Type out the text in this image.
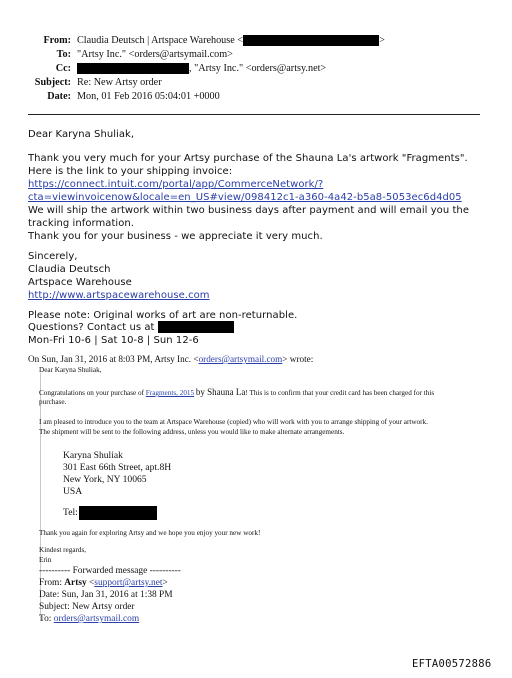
From: Claudia Deutsch | Artspace Warehouse <	>
To: "Artsy Inc." <orders@artsymail.com>
Cc:	, "Artsy Inc." <orders@artsy.net>
Subject: Re: New Artsy order
Date: Mon, 01 Feb 2016 05:04:01 +0000
Dear Karyna Shuliak,
Thank you very much for your Artsy purchase of the Shauna La's artwork "Fragments".
Here is the link to your shipping invoice:
https://connect.intuit.com/portal/app/CommerceNetwork/?
cta=viewinvoicenow&locale=en_US#view/098412c1-a360-4a42-b5a8-5053ec6d4d05
We will ship the artwork within two business days after payment and will email you the
tracking information.
Thank you for your business - we appreciate it very much.
Sincerely,
Claudia Deutsch
Artspace Warehouse
http://www.artspacewarehouse.com
Please note: Original works of art are non-returnable.
Questions? Contact us at
Mon-Fri 10-6 | Sat 10-8 | Sun 12-6
On Sun, Jan 31, 2016 at 8:03 PM, Artsy Inc. <orders@artsymail.com> wrote:
Dear Karyna Shuliak,
Congratulations on your purchase of Fragments, 2015 by Shauna La! This is to confirm that your credit card has been charged for this
purchase.
I am pleased to introduce you to the team at Artspace Warehouse (copied) who will work with you to arrange shipping of your artwork.
The shipment will be sent to the following address, unless you would like to make alternate arrangements.
Karyna Shuliak
301 East 66th Street, apt.8H
New York, NY 10065
USA
Tel:
Thank you again for exploring Artsy and we hope you enjoy your new work!
Kindest regards,
Erin
---------- Forwarded message ----------
From: Artsy <support@artsy.net>
Date: Sun, Jan 31, 2016 at 1:38 PM
Subject: New Artsy order
To: orders@artsymail.com
EFTA00572886
